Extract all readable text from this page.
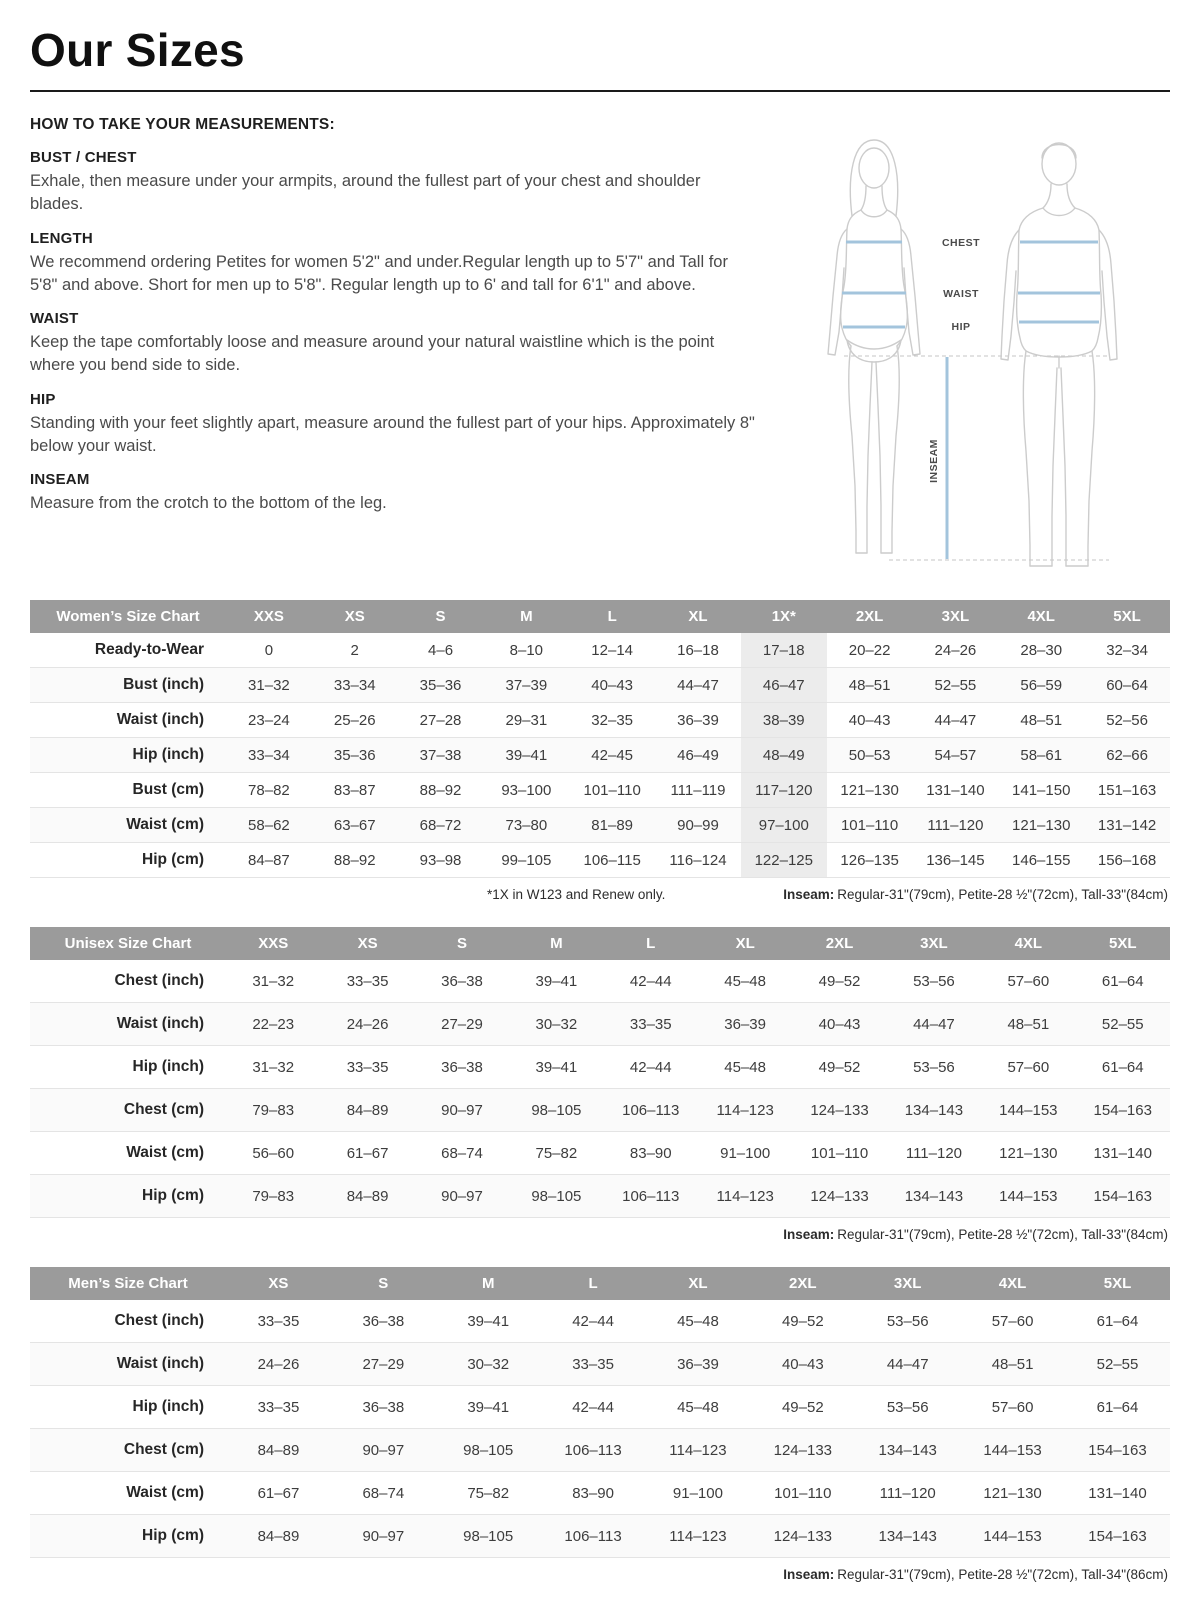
Our Sizes
HOW TO TAKE YOUR MEASUREMENTS:
BUST / CHEST

Exhale, then measure under your armpits, around the fullest part of your chest and shoulder blades.

LENGTH

We recommend ordering Petites for women 5'2" and under.Regular length up to 5'7" and Tall for 5'8" and above. Short for men up to 5'8". Regular length up to 6' and tall for 6'1" and above.

WAIST

Keep the tape comfortably loose and measure around your natural waistline which is the point where you bend side to side.

HIP

Standing with your feet slightly apart, measure around the fullest part of your hips. Approximately 8" below your waist.

INSEAM

Measure from the crotch to the bottom of the leg.

CHEST
WAIST
HIP
INSEAM
Women’s Size Chart	XXS	XS	S	M	L	XL	1X*	2XL	3XL	4XL	5XL
Ready-to-Wear	0	2	4–6	8–10	12–14	16–18	17–18	20–22	24–26	28–30	32–34
Bust (inch)	31–32	33–34	35–36	37–39	40–43	44–47	46–47	48–51	52–55	56–59	60–64
Waist (inch)	23–24	25–26	27–28	29–31	32–35	36–39	38–39	40–43	44–47	48–51	52–56
Hip (inch)	33–34	35–36	37–38	39–41	42–45	46–49	48–49	50–53	54–57	58–61	62–66
Bust (cm)	78–82	83–87	88–92	93–100	101–110	111–119	117–120	121–130	131–140	141–150	151–163
Waist (cm)	58–62	63–67	68–72	73–80	81–89	90–99	97–100	101–110	111–120	121–130	131–142
Hip (cm)	84–87	88–92	93–98	99–105	106–115	116–124	122–125	126–135	136–145	146–155	156–168
*1X in W123 and Renew only.	Inseam: Regular-31"(79cm), Petite-28 ½"(72cm), Tall-33"(84cm)
Unisex Size Chart	XXS	XS	S	M	L	XL	2XL	3XL	4XL	5XL
Chest (inch)	31–32	33–35	36–38	39–41	42–44	45–48	49–52	53–56	57–60	61–64
Waist (inch)	22–23	24–26	27–29	30–32	33–35	36–39	40–43	44–47	48–51	52–55
Hip (inch)	31–32	33–35	36–38	39–41	42–44	45–48	49–52	53–56	57–60	61–64
Chest (cm)	79–83	84–89	90–97	98–105	106–113	114–123	124–133	134–143	144–153	154–163
Waist (cm)	56–60	61–67	68–74	75–82	83–90	91–100	101–110	111–120	121–130	131–140
Hip (cm)	79–83	84–89	90–97	98–105	106–113	114–123	124–133	134–143	144–153	154–163
Inseam: Regular-31"(79cm), Petite-28 ½"(72cm), Tall-33"(84cm)
Men’s Size Chart	XS	S	M	L	XL	2XL	3XL	4XL	5XL
Chest (inch)	33–35	36–38	39–41	42–44	45–48	49–52	53–56	57–60	61–64
Waist (inch)	24–26	27–29	30–32	33–35	36–39	40–43	44–47	48–51	52–55
Hip (inch)	33–35	36–38	39–41	42–44	45–48	49–52	53–56	57–60	61–64
Chest (cm)	84–89	90–97	98–105	106–113	114–123	124–133	134–143	144–153	154–163
Waist (cm)	61–67	68–74	75–82	83–90	91–100	101–110	111–120	121–130	131–140
Hip (cm)	84–89	90–97	98–105	106–113	114–123	124–133	134–143	144–153	154–163
Inseam: Regular-31"(79cm), Petite-28 ½"(72cm), Tall-34"(86cm)
